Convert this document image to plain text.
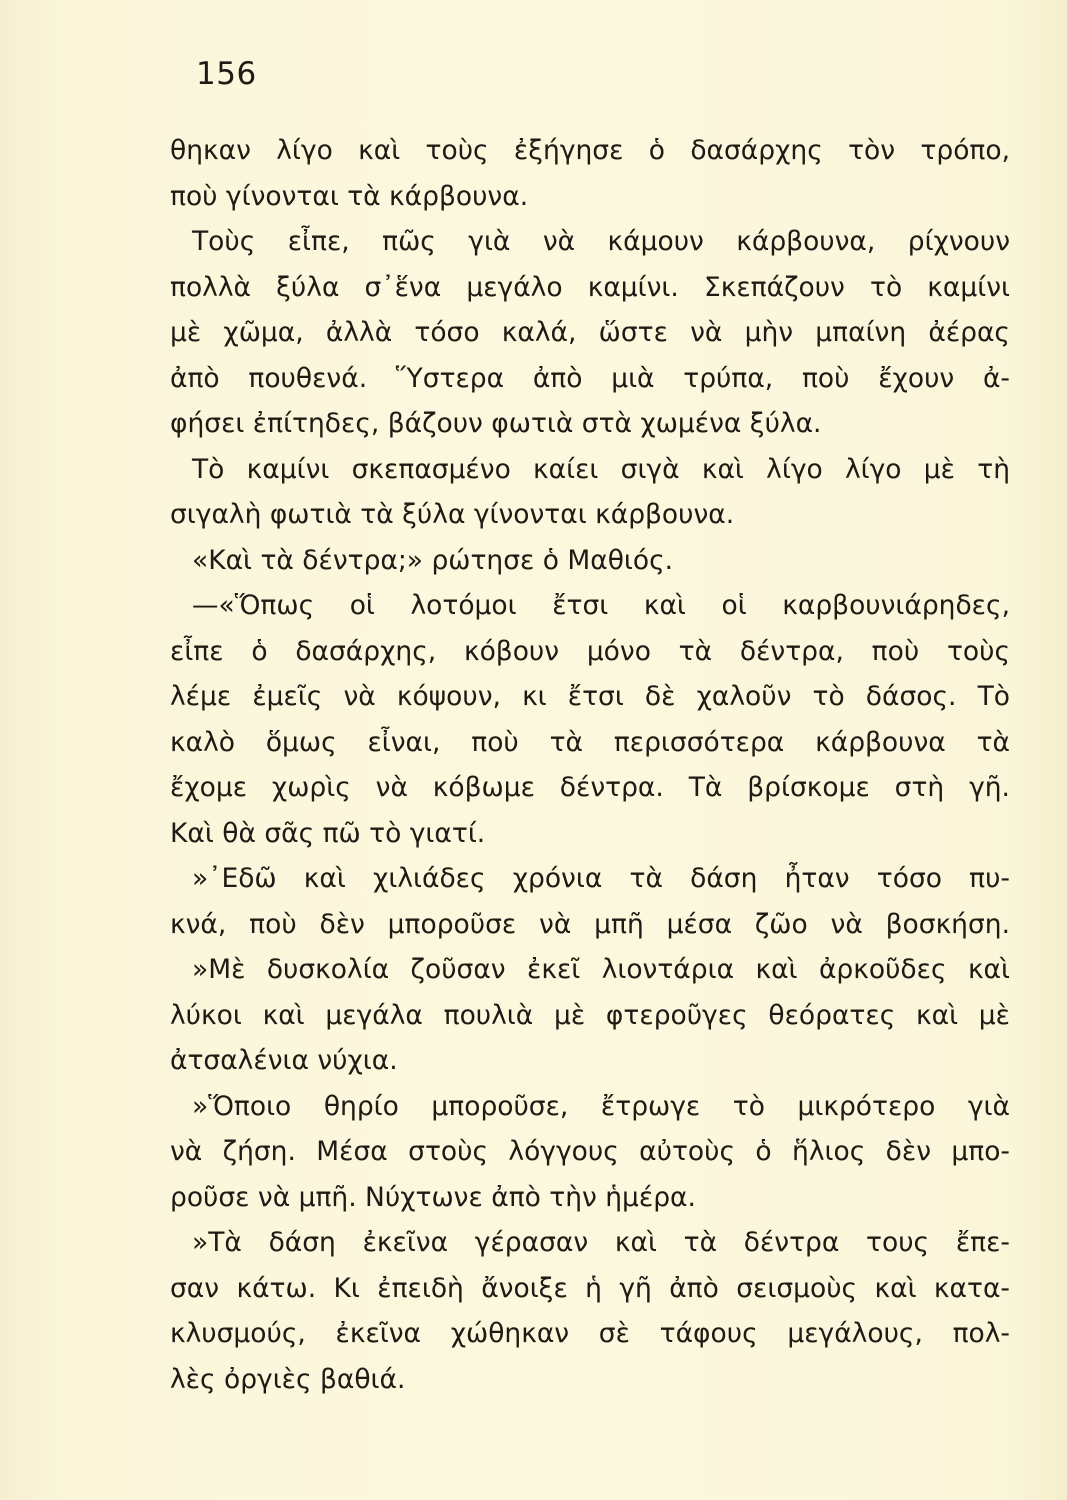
156
θηκαν λίγο καὶ τοὺς ἐξήγησε ὁ δασάρχης τὸν τρόπο,
ποὺ γίνονται τὰ κάρβουνα.
Τοὺς εἶπε, πῶς γιὰ νὰ κάμουν κάρβουνα, ρίχνουν
πολλὰ ξύλα σ᾽ἕνα μεγάλο καμίνι. Σκεπάζουν τὸ καμίνι
μὲ χῶμα, ἀλλὰ τόσο καλά, ὥστε νὰ μὴν μπαίνη ἀέρας
ἀπὸ πουθενά. Ὕστερα ἀπὸ μιὰ τρύπα, ποὺ ἔχουν ἀ-
φήσει ἐπίτηδες, βάζουν φωτιὰ στὰ χωμένα ξύλα.
Τὸ καμίνι σκεπασμένο καίει σιγὰ καὶ λίγο λίγο μὲ τὴ
σιγαλὴ φωτιὰ τὰ ξύλα γίνονται κάρβουνα.
«Καὶ τὰ δέντρα;» ρώτησε ὁ Μαθιός.
—«Ὅπως οἱ λοτόμοι ἔτσι καὶ οἱ καρβουνιάρηδες,
εἶπε ὁ δασάρχης, κόβουν μόνο τὰ δέντρα, ποὺ τοὺς
λέμε ἐμεῖς νὰ κόψουν, κι ἔτσι δὲ χαλοῦν τὸ δάσος. Τὸ
καλὸ ὅμως εἶναι, ποὺ τὰ περισσότερα κάρβουνα τὰ
ἔχομε χωρὶς νὰ κόβωμε δέντρα. Τὰ βρίσκομε στὴ γῆ.
Καὶ θὰ σᾶς πῶ τὸ γιατί.
»᾽Εδῶ καὶ χιλιάδες χρόνια τὰ δάση ἦταν τόσο πυ-
κνά, ποὺ δὲν μποροῦσε νὰ μπῆ μέσα ζῶο νὰ βοσκήση.
»Μὲ δυσκολία ζοῦσαν ἐκεῖ λιοντάρια καὶ ἀρκοῦδες καὶ
λύκοι καὶ μεγάλα πουλιὰ μὲ φτεροῦγες θεόρατες καὶ μὲ
ἀτσαλένια νύχια.
»Ὅποιο θηρίο μποροῦσε, ἔτρωγε τὸ μικρότερο γιὰ
νὰ ζήση. Μέσα στοὺς λόγγους αὐτοὺς ὁ ἥλιος δὲν μπο-
ροῦσε νὰ μπῆ. Νύχτωνε ἀπὸ τὴν ἡμέρα.
»Τὰ δάση ἐκεῖνα γέρασαν καὶ τὰ δέντρα τους ἔπε-
σαν κάτω. Κι ἐπειδὴ ἄνοιξε ἡ γῆ ἀπὸ σεισμοὺς καὶ κατα-
κλυσμούς, ἐκεῖνα χώθηκαν σὲ τάφους μεγάλους, πολ-
λὲς ὀργιὲς βαθιά.
